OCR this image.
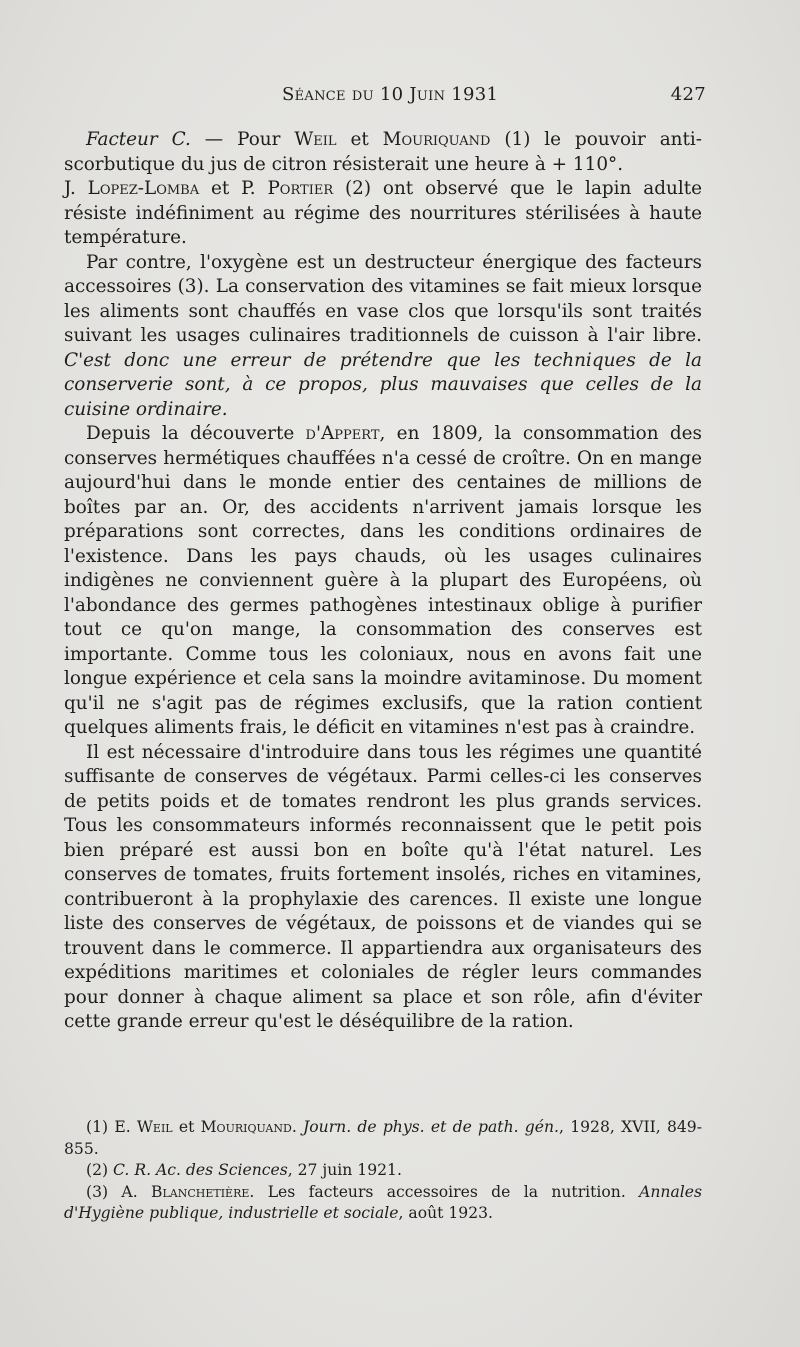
Séance du 10 Juin 1931	427

Facteur C. — Pour Weil et Mouriquand (1) le pouvoir anti-scorbutique du jus de citron résisterait une heure à + 110°.

J. Lopez-Lomba et P. Portier (2) ont observé que le lapin adulte résiste indéfiniment au régime des nourritures stérilisées à haute température.

Par contre, l'oxygène est un destructeur énergique des facteurs accessoires (3). La conservation des vitamines se fait mieux lorsque les aliments sont chauffés en vase clos que lorsqu'ils sont traités suivant les usages culinaires traditionnels de cuisson à l'air libre. C'est donc une erreur de prétendre que les techniques de la conserverie sont, à ce propos, plus mauvaises que celles de la cuisine ordinaire.

Depuis la découverte d'Appert, en 1809, la consommation des conserves hermétiques chauffées n'a cessé de croître. On en mange aujourd'hui dans le monde entier des centaines de millions de boîtes par an. Or, des accidents n'arrivent jamais lorsque les préparations sont correctes, dans les conditions ordinaires de l'existence. Dans les pays chauds, où les usages culinaires indigènes ne conviennent guère à la plupart des Européens, où l'abondance des germes pathogènes intestinaux oblige à purifier tout ce qu'on mange, la consommation des conserves est importante. Comme tous les coloniaux, nous en avons fait une longue expérience et cela sans la moindre avitaminose. Du moment qu'il ne s'agit pas de régimes exclusifs, que la ration contient quelques aliments frais, le déficit en vitamines n'est pas à craindre.

Il est nécessaire d'introduire dans tous les régimes une quantité suffisante de conserves de végétaux. Parmi celles-ci les conserves de petits poids et de tomates rendront les plus grands services. Tous les consommateurs informés reconnaissent que le petit pois bien préparé est aussi bon en boîte qu'à l'état naturel. Les conserves de tomates, fruits fortement insolés, riches en vitamines, contribueront à la prophylaxie des carences. Il existe une longue liste des conserves de végétaux, de poissons et de viandes qui se trouvent dans le commerce. Il appartiendra aux organisateurs des expéditions maritimes et coloniales de régler leurs commandes pour donner à chaque aliment sa place et son rôle, afin d'éviter cette grande erreur qu'est le déséquilibre de la ration.

(1) E. Weil et Mouriquand. Journ. de phys. et de path. gén., 1928, XVII, 849-855.

(2) C. R. Ac. des Sciences, 27 juin 1921.

(3) A. Blanchetière. Les facteurs accessoires de la nutrition. Annales d'Hygiène publique, industrielle et sociale, août 1923.
